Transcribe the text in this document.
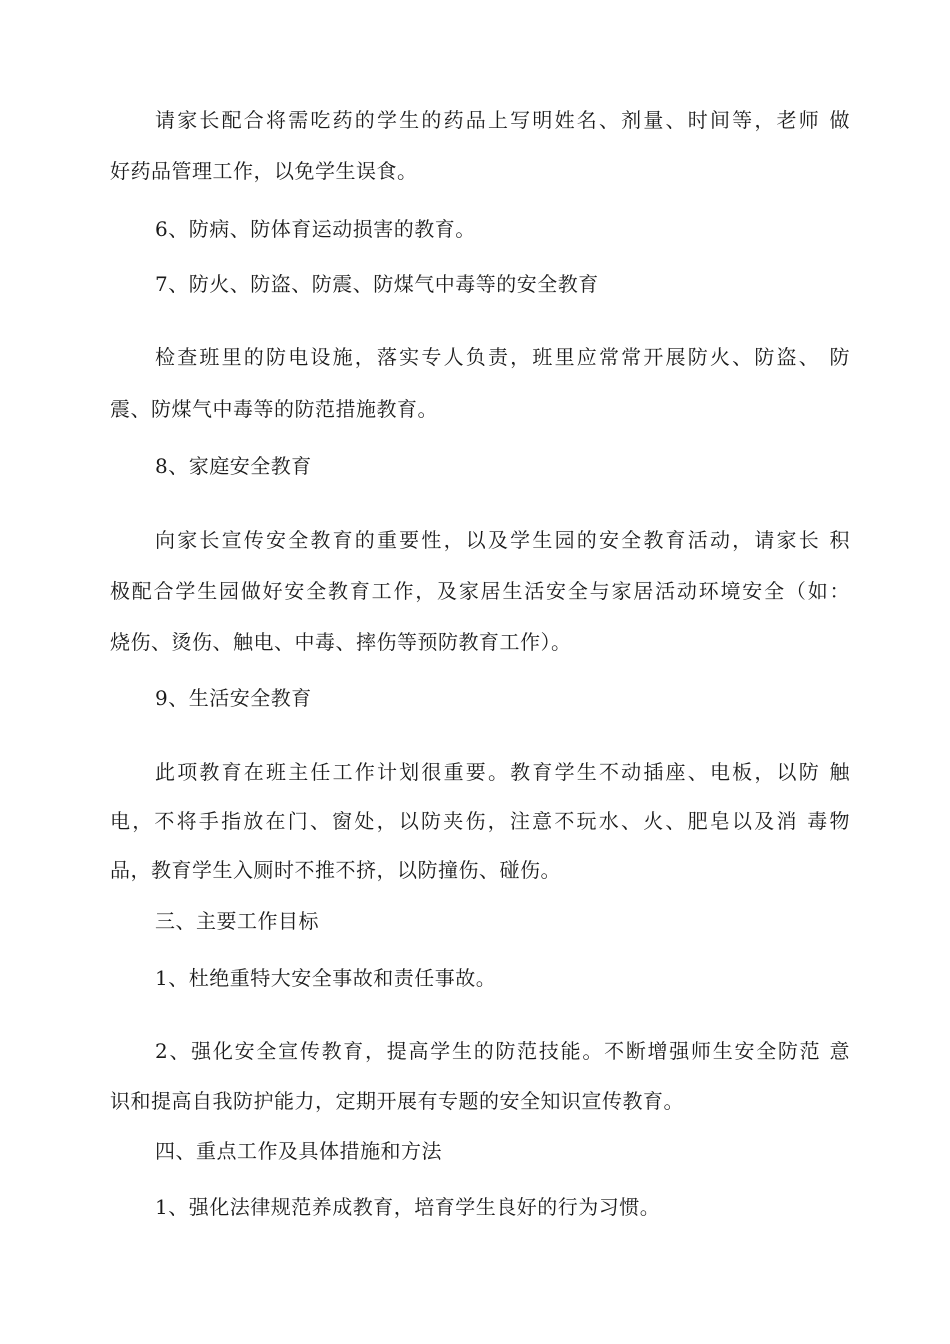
请家长配合将需吃药的学生的药品上写明姓名、剂量、时间等，老师 做
好药品管理工作，以免学生误食。
6、防病、防体育运动损害的教育。
7、防火、防盗、防震、防煤气中毒等的安全教育
检查班里的防电设施，落实专人负责，班里应常常开展防火、防盗、 防
震、防煤气中毒等的防范措施教育。
8、家庭安全教育
向家长宣传安全教育的重要性，以及学生园的安全教育活动，请家长 积
极配合学生园做好安全教育工作，及家居生活安全与家居活动环境安全（如：
烧伤、烫伤、触电、中毒、摔伤等预防教育工作）。
9、生活安全教育
此项教育在班主任工作计划很重要。教育学生不动插座、电板，以防 触
电，不将手指放在门、窗处，以防夹伤，注意不玩水、火、肥皂以及消 毒物
品，教育学生入厕时不推不挤，以防撞伤、碰伤。
三、主要工作目标
1、杜绝重特大安全事故和责任事故。
2、强化安全宣传教育，提高学生的防范技能。不断增强师生安全防范 意
识和提高自我防护能力，定期开展有专题的安全知识宣传教育。
四、重点工作及具体措施和方法
1、强化法律规范养成教育，培育学生良好的行为习惯。
